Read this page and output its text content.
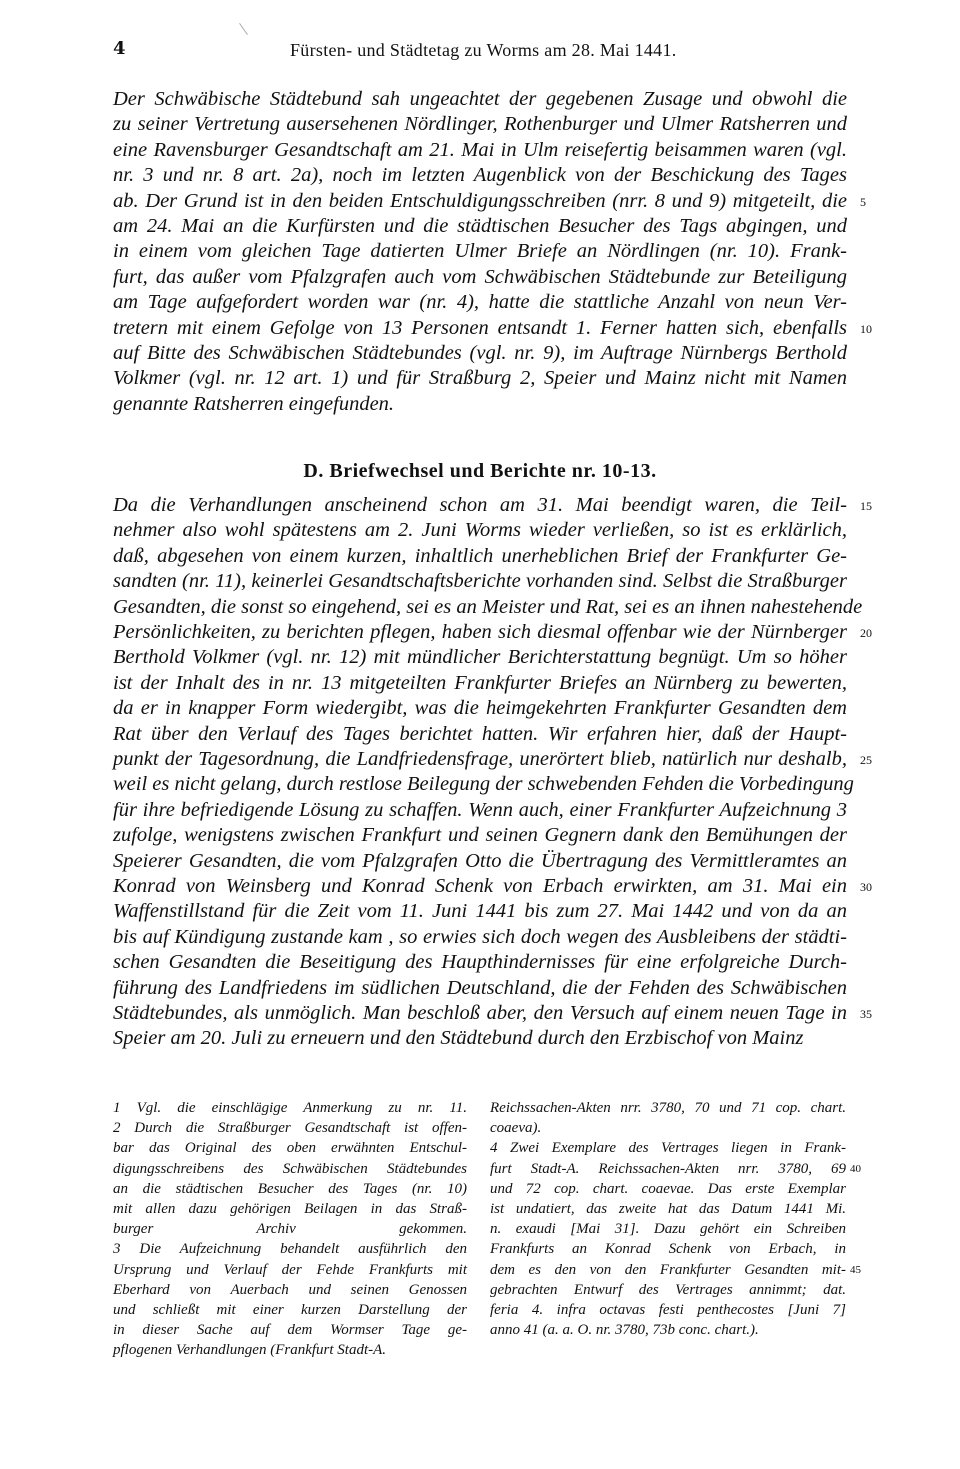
4	Fürsten- und Städtetag zu Worms am 28. Mai 1441.
Der Schwäbische Städtebund sah ungeachtet der gegebenen Zusage und obwohl die
zu seiner Vertretung ausersehenen Nördlinger, Rothenburger und Ulmer Ratsherren und
eine Ravensburger Gesandtschaft am 21. Mai in Ulm reisefertig beisammen waren (vgl.
nr. 3 und nr. 8 art. 2a), noch im letzten Augenblick von der Beschickung des Tages
ab. Der Grund ist in den beiden Entschuldigungsschreiben (nrr. 8 und 9) mitgeteilt, die
am 24. Mai an die Kurfürsten und die städtischen Besucher des Tags abgingen, und
in einem vom gleichen Tage datierten Ulmer Briefe an Nördlingen (nr. 10). Frank-
furt, das außer vom Pfalzgrafen auch vom Schwäbischen Städtebunde zur Beteiligung
am Tage aufgefordert worden war (nr. 4), hatte die stattliche Anzahl von neun Ver-
tretern mit einem Gefolge von 13 Personen entsandt 1. Ferner hatten sich, ebenfalls
auf Bitte des Schwäbischen Städtebundes (vgl. nr. 9), im Auftrage Nürnbergs Berthold
Volkmer (vgl. nr. 12 art. 1) und für Straßburg 2, Speier und Mainz nicht mit Namen
genannte Ratsherren eingefunden.
D. Briefwechsel und Berichte nr. 10-13.
Da die Verhandlungen anscheinend schon am 31. Mai beendigt waren, die Teil-
nehmer also wohl spätestens am 2. Juni Worms wieder verließen, so ist es erklärlich,
daß, abgesehen von einem kurzen, inhaltlich unerheblichen Brief der Frankfurter Ge-
sandten (nr. 11), keinerlei Gesandtschaftsberichte vorhanden sind. Selbst die Straßburger
Gesandten, die sonst so eingehend, sei es an Meister und Rat, sei es an ihnen nahestehende
Persönlichkeiten, zu berichten pflegen, haben sich diesmal offenbar wie der Nürnberger
Berthold Volkmer (vgl. nr. 12) mit mündlicher Berichterstattung begnügt. Um so höher
ist der Inhalt des in nr. 13 mitgeteilten Frankfurter Briefes an Nürnberg zu bewerten,
da er in knapper Form wiedergibt, was die heimgekehrten Frankfurter Gesandten dem
Rat über den Verlauf des Tages berichtet hatten. Wir erfahren hier, daß der Haupt-
punkt der Tagesordnung, die Landfriedensfrage, unerörtert blieb, natürlich nur deshalb,
weil es nicht gelang, durch restlose Beilegung der schwebenden Fehden die Vorbedingung
für ihre befriedigende Lösung zu schaffen. Wenn auch, einer Frankfurter Aufzeichnung 3
zufolge, wenigstens zwischen Frankfurt und seinen Gegnern dank den Bemühungen der
Speierer Gesandten, die vom Pfalzgrafen Otto die Übertragung des Vermittleramtes an
Konrad von Weinsberg und Konrad Schenk von Erbach erwirkten, am 31. Mai ein
Waffenstillstand für die Zeit vom 11. Juni 1441 bis zum 27. Mai 1442 und von da an
bis auf Kündigung zustande kam , so erwies sich doch wegen des Ausbleibens der städti-
schen Gesandten die Beseitigung des Haupthindernisses für eine erfolgreiche Durch-
führung des Landfriedens im südlichen Deutschland, die der Fehden des Schwäbischen
Städtebundes, als unmöglich. Man beschloß aber, den Versuch auf einem neuen Tage in
Speier am 20. Juli zu erneuern und den Städtebund durch den Erzbischof von Mainz
5
10
15
20
25
30
35
1 Vgl. die einschlägige Anmerkung zu nr. 11.
2 Durch die Straßburger Gesandtschaft ist offen-
bar das Original des oben erwähnten Entschul-
digungsschreibens des Schwäbischen Städtebundes
an die städtischen Besucher des Tages (nr. 10)
mit allen dazu gehörigen Beilagen in das Straß-
burger Archiv gekommen.
3 Die Aufzeichnung behandelt ausführlich den
Ursprung und Verlauf der Fehde Frankfurts mit
Eberhard von Auerbach und seinen Genossen
und schließt mit einer kurzen Darstellung der
in dieser Sache auf dem Wormser Tage ge-
pflogenen Verhandlungen (Frankfurt Stadt-A.
Reichssachen-Akten nrr. 3780, 70 und 71 cop. chart.
coaeva).
4 Zwei Exemplare des Vertrages liegen in Frank-
furt Stadt-A. Reichssachen-Akten nrr. 3780, 69
und 72 cop. chart. coaevae. Das erste Exemplar
ist undatiert, das zweite hat das Datum 1441 Mi.
n. exaudi [Mai 31]. Dazu gehört ein Schreiben
Frankfurts an Konrad Schenk von Erbach, in
dem es den von den Frankfurter Gesandten mit-
gebrachten Entwurf des Vertrages annimmt; dat.
feria 4. infra octavas festi penthecostes [Juni 7]
anno 41 (a. a. O. nr. 3780, 73b conc. chart.).
40
45
